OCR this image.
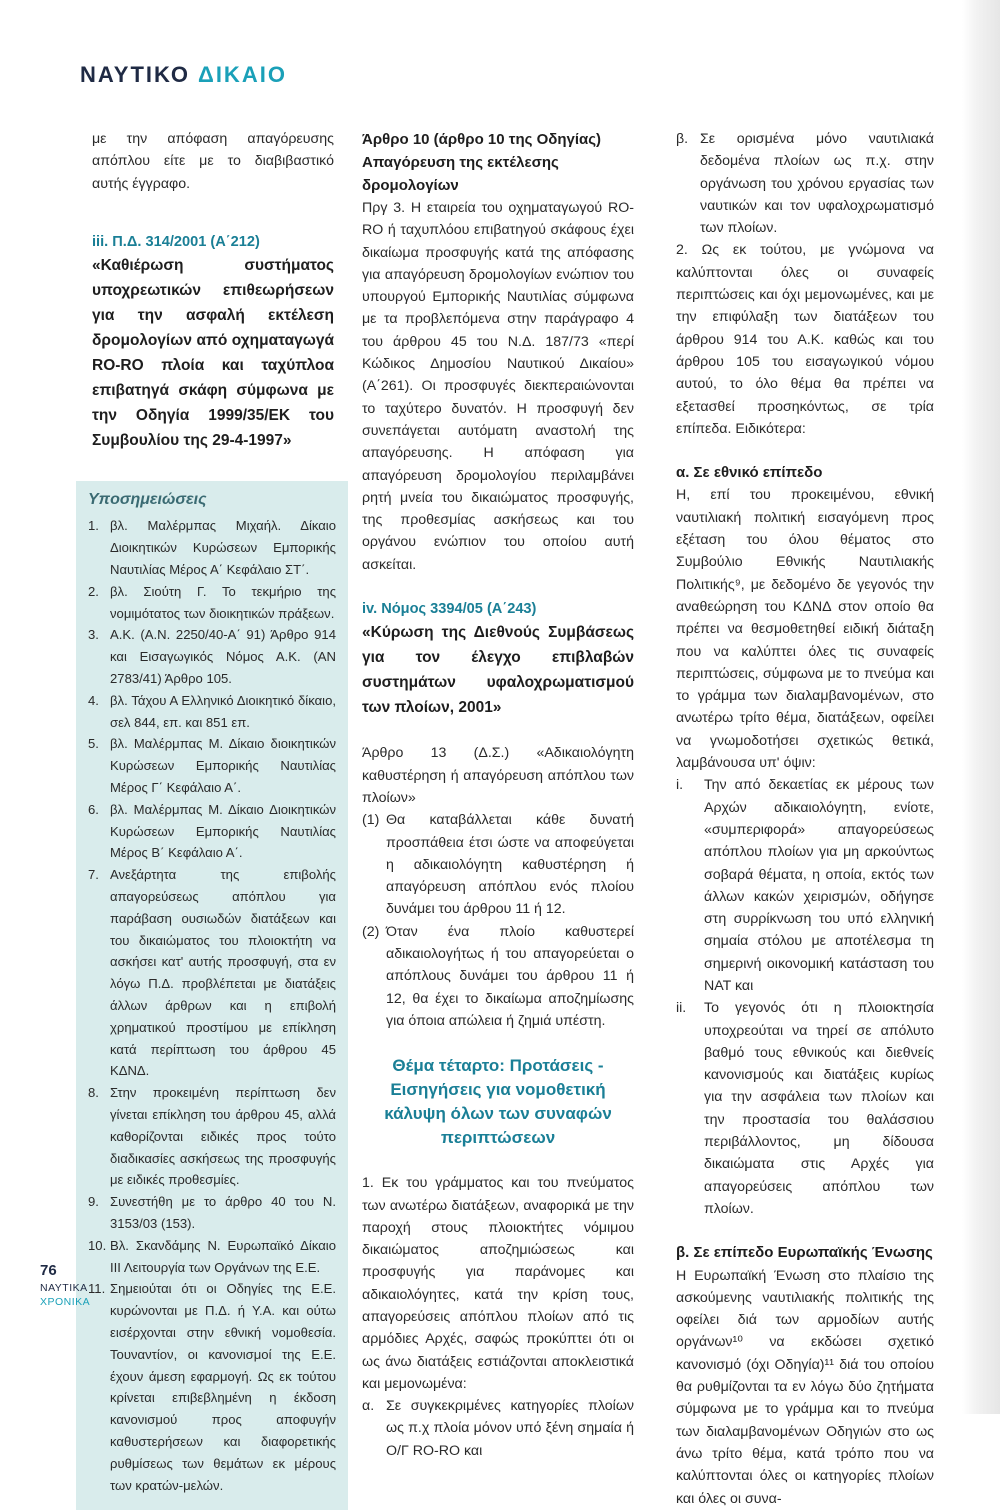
ΝΑΥΤΙΚΟ ΔΙΚΑΙΟ

με την απόφαση απαγόρευσης απόπλου είτε με το διαβιβαστικό αυτής έγγραφο.

iii. Π.Δ. 314/2001 (Α΄212)
«Καθιέρωση συστήματος υποχρεωτικών επιθεωρήσεων για την ασφαλή εκτέλεση δρομολογίων από οχηματαγωγά RO-RO πλοία και ταχύπλοα επιβατηγά σκάφη σύμφωνα με την Οδηγία 1999/35/ΕΚ του Συμβουλίου της 29-4-1997»
Υποσημειώσεις
1. βλ. Μαλέρμπας Μιχαήλ. Δίκαιο Διοικητικών Κυρώσεων Εμπορικής Ναυτιλίας Μέρος Α΄ Κεφάλαιο ΣΤ΄.
2. βλ. Σιούτη Γ. Το τεκμήριο της νομιμότατος των διοικητικών πράξεων.
3. Α.Κ. (Α.Ν. 2250/40-Α΄ 91) Άρθρο 914 και Εισαγωγικός Νόμος Α.Κ. (ΑΝ 2783/41) Άρθρο 105.
4. βλ. Τάχου Α Ελληνικό Διοικητικό δίκαιο, σελ 844, επ. και 851 επ.
5. βλ. Μαλέρμπας Μ. Δίκαιο διοικητικών Κυρώσεων Εμπορικής Ναυτιλίας Μέρος Γ΄ Κεφάλαιο Α΄.
6. βλ. Μαλέρμπας Μ. Δίκαιο Διοικητικών Κυρώσεων Εμπορικής Ναυτιλίας Μέρος Β΄ Κεφάλαιο Α΄.
7. Ανεξάρτητα της επιβολής απαγορεύσεως απόπλου για παράβαση ουσιωδών διατάξεων και του δικαιώματος του πλοιοκτήτη να ασκήσει κατ' αυτής προσφυγή, στα εν λόγω Π.Δ. προβλέπεται με διατάξεις άλλων άρθρων και η επιβολή χρηματικού προστίμου με επίκληση κατά περίπτωση του άρθρου 45 ΚΔΝΔ.
8. Στην προκειμένη περίπτωση δεν γίνεται επίκληση του άρθρου 45, αλλά καθορίζονται ειδικές προς τούτο διαδικασίες ασκήσεως της προσφυγής με ειδικές προθεσμίες.
9. Συνεστήθη με το άρθρο 40 του Ν. 3153/03 (153).
10. Βλ. Σκανδάμης Ν. Ευρωπαϊκό Δίκαιο ΙΙΙ Λειτουργία των Οργάνων της Ε.Ε.
11. Σημειούται ότι οι Οδηγίες της Ε.Ε. κυρώνονται με Π.Δ. ή Υ.Α. και ούτω εισέρχονται στην εθνική νομοθεσία. Τουναντίον, οι κανονισμοί της Ε.Ε. έχουν άμεση εφαρμογή. Ως εκ τούτου κρίνεται επιβεβλημένη η έκδοση κανονισμού προς αποφυγήν καθυστερήσεων και διαφορετικής ρυθμίσεως των θεμάτων εκ μέρους των κρατών-μελών.
Άρθρο 10 (άρθρο 10 της Οδηγίας) Απαγόρευση της εκτέλεσης δρομολογίων

Πργ 3. Η εταιρεία του οχηματαγωγού RO-RO ή ταχυπλόου επιβατηγού σκάφους έχει δικαίωμα προσφυγής κατά της απόφασης για απαγόρευση δρομολογίων ενώπιον του υπουργού Εμπορικής Ναυτιλίας σύμφωνα με τα προβλεπόμενα στην παράγραφο 4 του άρθρου 45 του Ν.Δ. 187/73 «περί Κώδικος Δημοσίου Ναυτικού Δικαίου» (Α΄261). Οι προσφυγές διεκπεραιώνονται το ταχύτερο δυνατόν. Η προσφυγή δεν συνεπάγεται αυτόματη αναστολή της απαγόρευσης. Η απόφαση για απαγόρευση δρομολογίου περιλαμβάνει ρητή μνεία του δικαιώματος προσφυγής, της προθεσμίας ασκήσεως και του οργάνου ενώπιον του οποίου αυτή ασκείται.

iv. Νόμος 3394/05 (Α΄243)
«Κύρωση της Διεθνούς Συμβάσεως για τον έλεγχο επιβλαβών συστημάτων υφαλοχρωματισμού των πλοίων, 2001»

Άρθρο 13 (Δ.Σ.) «Αδικαιολόγητη καθυστέρηση ή απαγόρευση απόπλου των πλοίων»

(1) Θα καταβάλλεται κάθε δυνατή προσπάθεια έτσι ώστε να αποφεύγεται η αδικαιολόγητη καθυστέρηση ή απαγόρευση απόπλου ενός πλοίου δυνάμει του άρθρου 11 ή 12.
(2) Όταν ένα πλοίο καθυστερεί αδικαιολογήτως ή του απαγορεύεται ο απόπλους δυνάμει του άρθρου 11 ή 12, θα έχει το δικαίωμα αποζημίωσης για όποια απώλεια ή ζημιά υπέστη.
Θέμα τέταρτο: Προτάσεις - Εισηγήσεις για νομοθετική κάλυψη όλων των συναφών περιπτώσεων

1. Εκ του γράμματος και του πνεύματος των ανωτέρω διατάξεων, αναφορικά με την παροχή στους πλοιοκτήτες νόμιμου δικαιώματος αποζημιώσεως και προσφυγής για παράνομες και αδικαιολόγητες, κατά την κρίση τους, απαγορεύσεις απόπλου πλοίων από τις αρμόδιες Αρχές, σαφώς προκύπτει ότι οι ως άνω διατάξεις εστιάζονται αποκλειστικά και μεμονωμένα:

α. Σε συγκεκριμένες κατηγορίες πλοίων ως π.χ πλοία μόνον υπό ξένη σημαία ή Ο/Γ RO-RO και
β. Σε ορισμένα μόνο ναυτιλιακά δεδομένα πλοίων ως π.χ. στην οργάνωση του χρόνου εργασίας των ναυτικών και τον υφαλοχρωματισμό των πλοίων.

2. Ως εκ τούτου, με γνώμονα να καλύπτονται όλες οι συναφείς περιπτώσεις και όχι μεμονωμένες, και με την επιφύλαξη των διατάξεων του άρθρου 914 του Α.Κ. καθώς και του άρθρου 105 του εισαγωγικού νόμου αυτού, το όλο θέμα θα πρέπει να εξετασθεί προσηκόντως, σε τρία επίπεδα. Ειδικότερα:

α. Σε εθνικό επίπεδο

Η, επί του προκειμένου, εθνική ναυτιλιακή πολιτική εισαγόμενη προς εξέταση του όλου θέματος στο Συμβούλιο Εθνικής Ναυτιλιακής Πολιτικής⁹, με δεδομένο δε γεγονός την αναθεώρηση του ΚΔΝΔ στον οποίο θα πρέπει να θεσμοθετηθεί ειδική διάταξη που να καλύπτει όλες τις συναφείς περιπτώσεις, σύμφωνα με το πνεύμα και το γράμμα των διαλαμβανομένων, στο ανωτέρω τρίτο θέμα, διατάξεων, οφείλει να γνωμοδοτήσει σχετικώς θετικά, λαμβάνουσα υπ' όψιν:

i.	Την από δεκαετίας εκ μέρους των Αρχών αδικαιολόγητη, ενίοτε, «συμπεριφορά» απαγορεύσεως απόπλου πλοίων για μη αρκούντως σοβαρά θέματα, η οποία, εκτός των άλλων κακών χειρισμών, οδήγησε στη συρρίκνωση του υπό ελληνική σημαία στόλου με αποτέλεσμα τη σημερινή οικονομική κατάσταση του ΝΑΤ και
ii.	Το γεγονός ότι η πλοιοκτησία υποχρεούται να τηρεί σε απόλυτο βαθμό τους εθνικούς και διεθνείς κανονισμούς και διατάξεις κυρίως για την ασφάλεια των πλοίων και την προστασία του θαλάσσιου περιβάλλοντος, μη δίδουσα δικαιώματα στις Αρχές για απαγορεύσεις απόπλου των πλοίων.
β. Σε επίπεδο Ευρωπαϊκής Ένωσης

Η Ευρωπαϊκή Ένωση στο πλαίσιο της ασκούμενης ναυτιλιακής πολιτικής της οφείλει διά των αρμοδίων αυτής οργάνων¹⁰ να εκδώσει σχετικό κανονισμό (όχι Οδηγία)¹¹ διά του οποίου θα ρυθμίζονται τα εν λόγω δύο ζητήματα σύμφωνα με το γράμμα και το πνεύμα των διαλαμβανομένων Οδηγιών στο ως άνω τρίτο θέμα, κατά τρόπο που να καλύπτονται όλες οι κατηγορίες πλοίων και όλες οι συνα-

76
ΝΑΥΤΙΚΑ
ΧΡΟΝΙΚΑ
